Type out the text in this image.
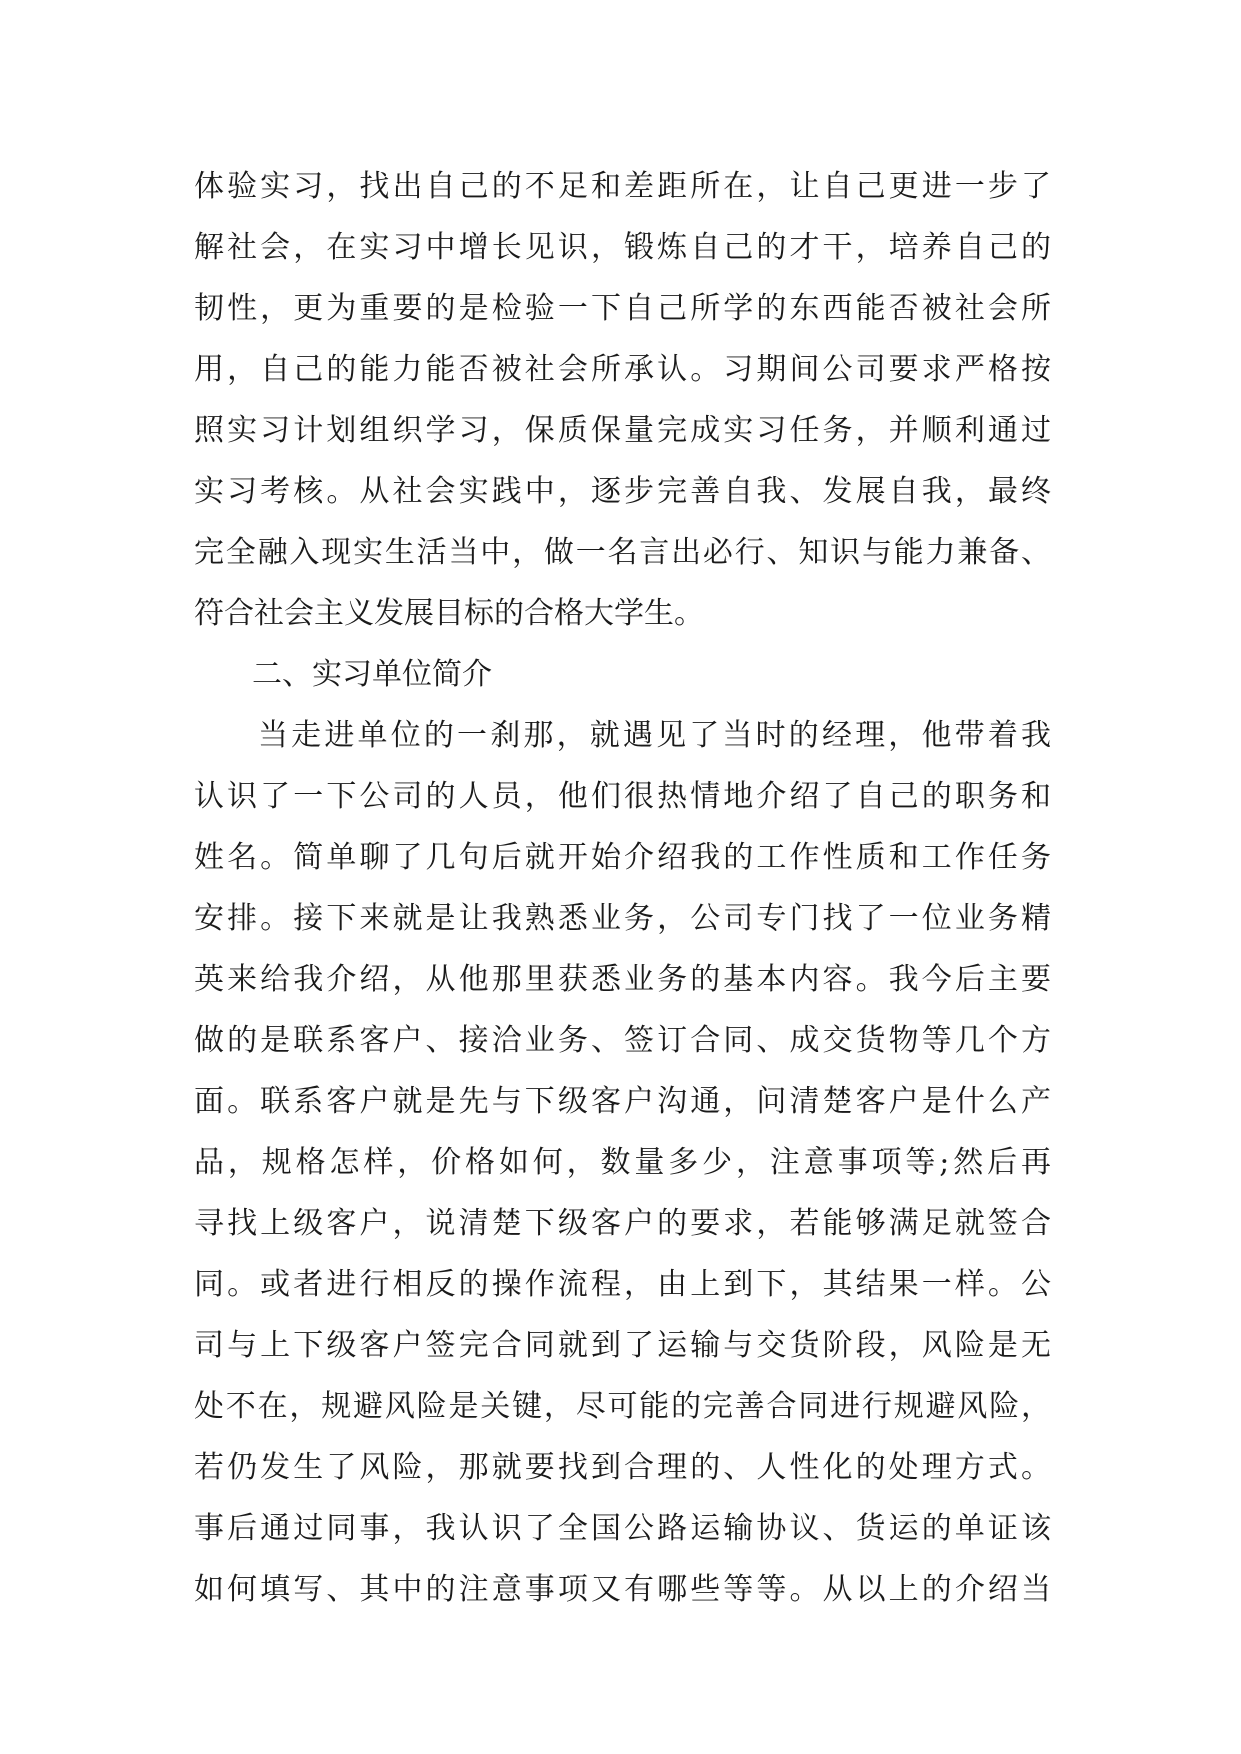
体验实习，找出自己的不足和差距所在，让自己更进一步了
解社会，在实习中增长见识，锻炼自己的才干，培养自己的
韧性，更为重要的是检验一下自己所学的东西能否被社会所
用，自己的能力能否被社会所承认。习期间公司要求严格按
照实习计划组织学习，保质保量完成实习任务，并顺利通过
实习考核。从社会实践中，逐步完善自我、发展自我，最终
完全融入现实生活当中，做一名言出必行、知识与能力兼备、
符合社会主义发展目标的合格大学生。
二、实习单位简介
当走进单位的一刹那，就遇见了当时的经理，他带着我
认识了一下公司的人员，他们很热情地介绍了自己的职务和
姓名。简单聊了几句后就开始介绍我的工作性质和工作任务
安排。接下来就是让我熟悉业务，公司专门找了一位业务精
英来给我介绍，从他那里获悉业务的基本内容。我今后主要
做的是联系客户、接洽业务、签订合同、成交货物等几个方
面。联系客户就是先与下级客户沟通，问清楚客户是什么产
品，规格怎样，价格如何，数量多少，注意事项等;然后再
寻找上级客户，说清楚下级客户的要求，若能够满足就签合
同。或者进行相反的操作流程，由上到下，其结果一样。公
司与上下级客户签完合同就到了运输与交货阶段，风险是无
处不在，规避风险是关键，尽可能的完善合同进行规避风险，
若仍发生了风险，那就要找到合理的、人性化的处理方式。
事后通过同事，我认识了全国公路运输协议、货运的单证该
如何填写、其中的注意事项又有哪些等等。从以上的介绍当
